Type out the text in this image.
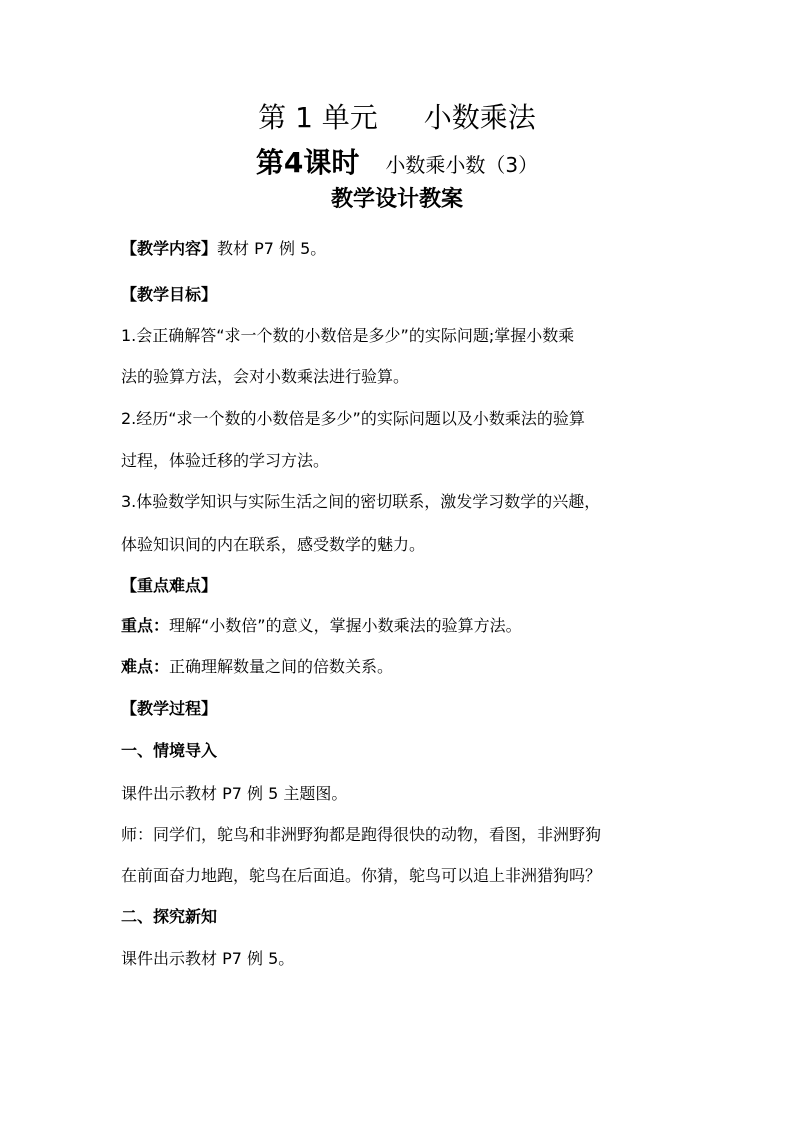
第 1 单元 小数乘法
第4课时 小数乘小数（3）
教学设计教案
【教学内容】教材 P7 例 5。
【教学目标】
1.会正确解答“求一个数的小数倍是多少”的实际问题;掌握小数乘
法的验算方法，会对小数乘法进行验算。
2.经历“求一个数的小数倍是多少”的实际问题以及小数乘法的验算
过程，体验迁移的学习方法。
3.体验数学知识与实际生活之间的密切联系，激发学习数学的兴趣，
体验知识间的内在联系，感受数学的魅力。
【重点难点】
重点：理解“小数倍”的意义，掌握小数乘法的验算方法。
难点：正确理解数量之间的倍数关系。
【教学过程】
一、情境导入
课件出示教材 P7 例 5 主题图。
师：同学们，鸵鸟和非洲野狗都是跑得很快的动物，看图，非洲野狗
在前面奋力地跑，鸵鸟在后面追。你猜，鸵鸟可以追上非洲猎狗吗？
二、探究新知
课件出示教材 P7 例 5。
